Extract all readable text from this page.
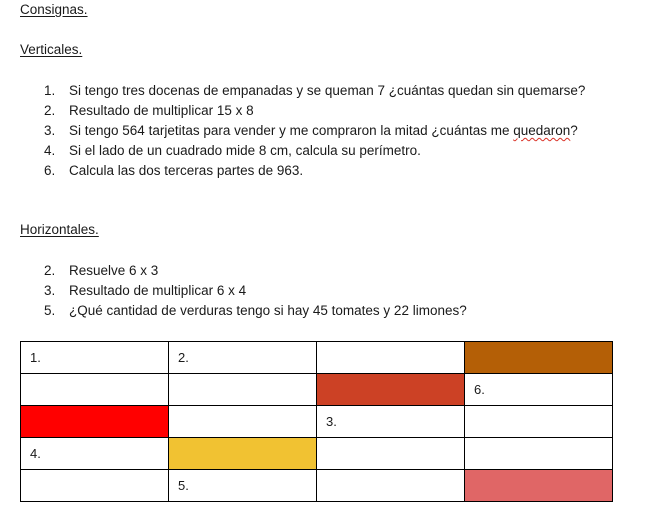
Consignas.
Verticales.
1. Si tengo tres docenas de empanadas y se queman 7 ¿cuántas quedan sin quemarse?
2. Resultado de multiplicar 15 x 8
3. Si tengo 564 tarjetitas para vender y me compraron la mitad ¿cuántas me quedaron?
4. Si el lado de un cuadrado mide 8 cm, calcula su perímetro.
6. Calcula las dos terceras partes de 963.
Horizontales.
2. Resuelve 6 x 3
3. Resultado de multiplicar 6 x 4
5. ¿Qué cantidad de verduras tengo si hay 45 tomates y 22 limones?
1.	2.		
			6.
		3.	
4.			
	5.		
